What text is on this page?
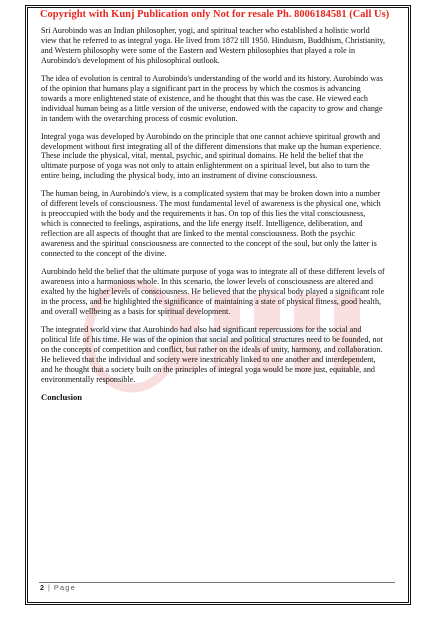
Copyright with Kunj Publication only Not for resale Ph. 8006184581 (Call Us)

Sri Aurobindo was an Indian philosopher, yogi, and spiritual teacher who established a holistic world view that he referred to as integral yoga. He lived from 1872 till 1950. Hinduism, Buddhism, Christianity, and Western philosophy were some of the Eastern and Western philosophies that played a role in Aurobindo's development of his philosophical outlook.

The idea of evolution is central to Aurobindo's understanding of the world and its history. Aurobindo was of the opinion that humans play a significant part in the process by which the cosmos is advancing towards a more enlightened state of existence, and he thought that this was the case. He viewed each individual human being as a little version of the universe, endowed with the capacity to grow and change in tandem with the overarching process of cosmic evolution.

Integral yoga was developed by Aurobindo on the principle that one cannot achieve spiritual growth and development without first integrating all of the different dimensions that make up the human experience. These include the physical, vital, mental, psychic, and spiritual domains. He held the belief that the ultimate purpose of yoga was not only to attain enlightenment on a spiritual level, but also to turn the entire being, including the physical body, into an instrument of divine consciousness.

The human being, in Aurobindo's view, is a complicated system that may be broken down into a number of different levels of consciousness. The most fundamental level of awareness is the physical one, which is preoccupied with the body and the requirements it has. On top of this lies the vital consciousness, which is connected to feelings, aspirations, and the life energy itself. Intelligence, deliberation, and reflection are all aspects of thought that are linked to the mental consciousness. Both the psychic awareness and the spiritual consciousness are connected to the concept of the soul, but only the latter is connected to the concept of the divine.

Aurobindo held the belief that the ultimate purpose of yoga was to integrate all of these different levels of awareness into a harmonious whole. In this scenario, the lower levels of consciousness are altered and exalted by the higher levels of consciousness. He believed that the physical body played a significant role in the process, and he highlighted the significance of maintaining a state of physical fitness, good health, and overall wellbeing as a basis for spiritual development.

The integrated world view that Aurobindo had also had significant repercussions for the social and political life of his time. He was of the opinion that social and political structures need to be founded, not on the concepts of competition and conflict, but rather on the ideals of unity, harmony, and collaboration. He believed that the individual and society were inextricably linked to one another and interdependent, and he thought that a society built on the principles of integral yoga would be more just, equitable, and environmentally responsible.

Conclusion

2 | Page
